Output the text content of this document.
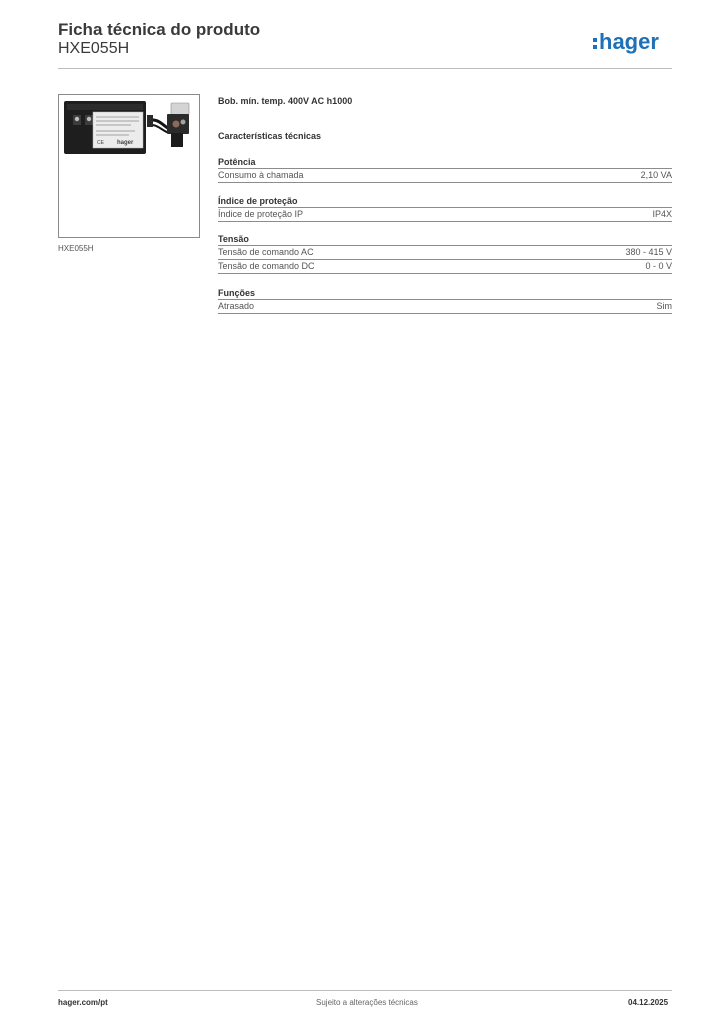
Ficha técnica do produto
HXE055H	hager
CE hager
HXE055H
Bob. mín. temp. 400V AC h1000
Características técnicas
Potência
Consumo à chamada	2,10 VA
Índice de proteção
Índice de proteção IP	IP4X
Tensão
Tensão de comando AC	380 - 415 V
Tensão de comando DC	0 - 0 V
Funções
Atrasado	Sim
hager.com/pt	Sujeito a alterações técnicas	04.12.2025
